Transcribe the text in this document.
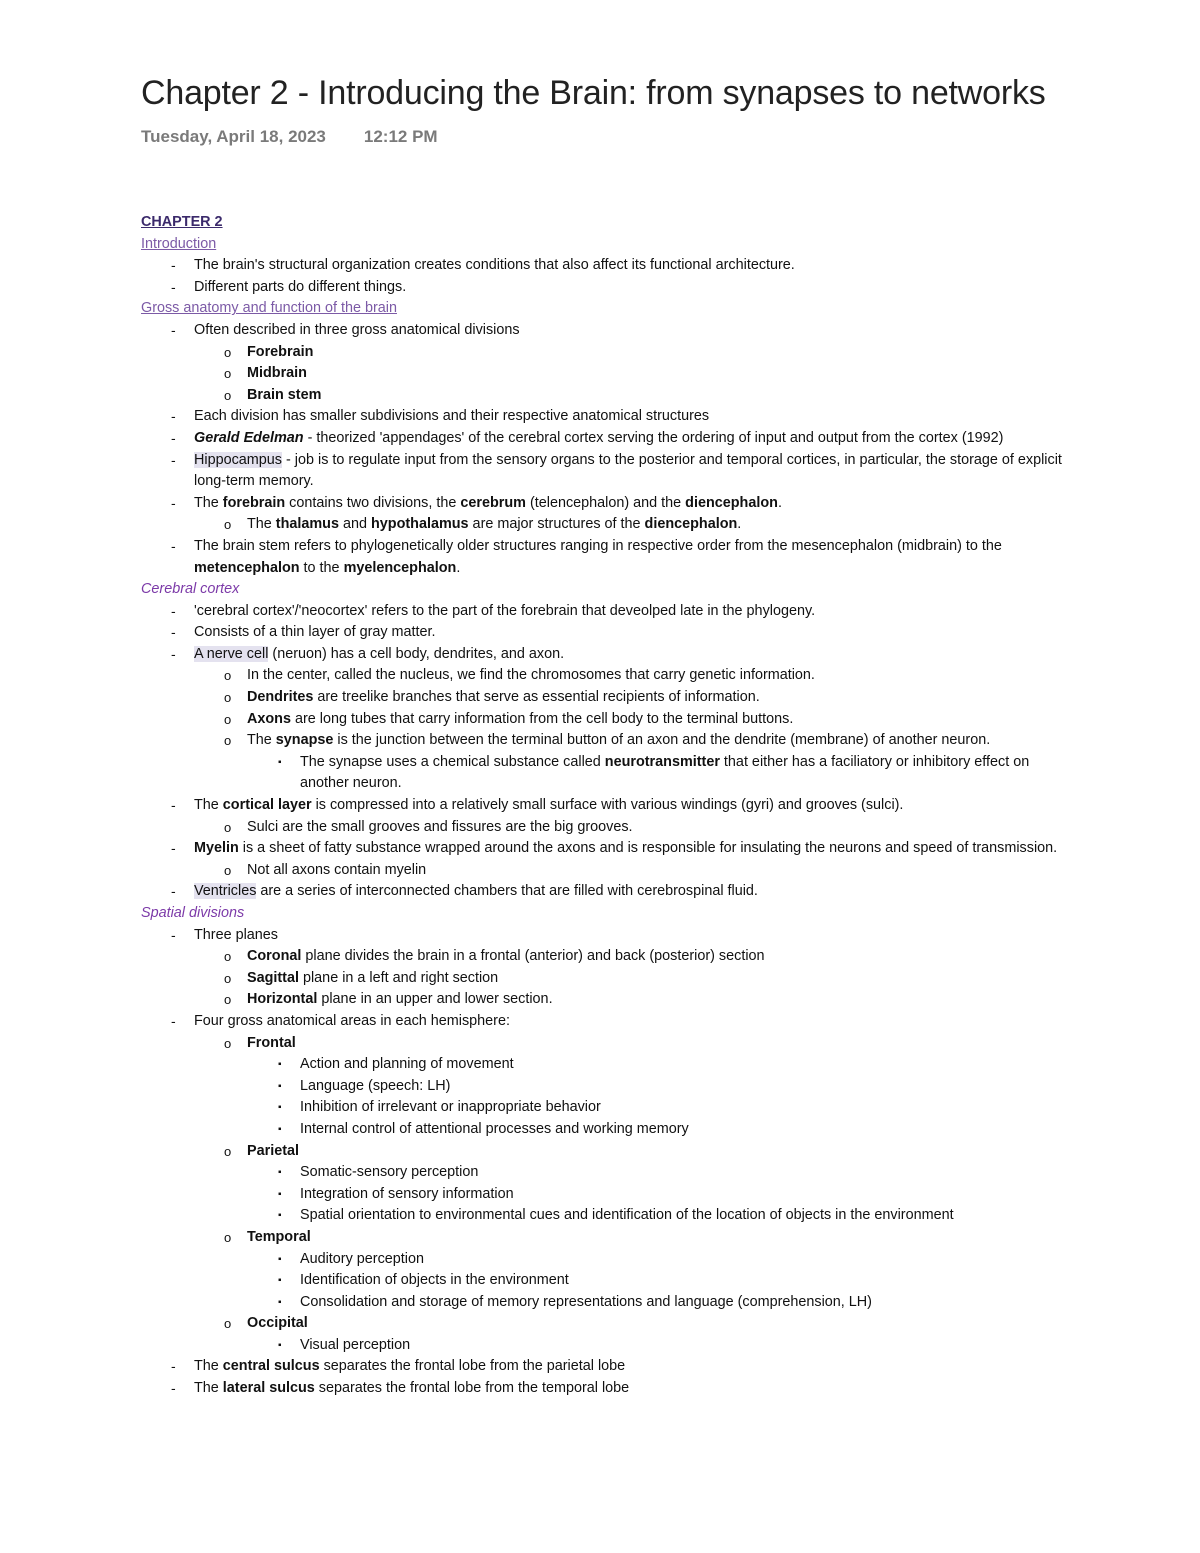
Chapter 2 - Introducing the Brain: from synapses to networks
Tuesday, April 18, 2023 12:12 PM

CHAPTER 2

Introduction

- The brain's structural organization creates conditions that also affect its functional architecture.
- Different parts do different things.

Gross anatomy and function of the brain

- Often described in three gross anatomical divisions
o Forebrain
o Midbrain
o Brain stem
- Each division has smaller subdivisions and their respective anatomical structures
- Gerald Edelman - theorized 'appendages' of the cerebral cortex serving the ordering of input and output from the cortex (1992)
- Hippocampus - job is to regulate input from the sensory organs to the posterior and temporal cortices, in particular, the storage of explicit long-term memory.
- The forebrain contains two divisions, the cerebrum (telencephalon) and the diencephalon.
o The thalamus and hypothalamus are major structures of the diencephalon.
- The brain stem refers to phylogenetically older structures ranging in respective order from the mesencephalon (midbrain) to the metencephalon to the myelencephalon.

Cerebral cortex

- 'cerebral cortex'/'neocortex' refers to the part of the forebrain that deveolped late in the phylogeny.
- Consists of a thin layer of gray matter.
- A nerve cell (neruon) has a cell body, dendrites, and axon.
o In the center, called the nucleus, we find the chromosomes that carry genetic information.
o Dendrites are treelike branches that serve as essential recipients of information.
o Axons are long tubes that carry information from the cell body to the terminal buttons.
o The synapse is the junction between the terminal button of an axon and the dendrite (membrane) of another neuron.
▪ The synapse uses a chemical substance called neurotransmitter that either has a faciliatory or inhibitory effect on another neuron.
- The cortical layer is compressed into a relatively small surface with various windings (gyri) and grooves (sulci).
o Sulci are the small grooves and fissures are the big grooves.
- Myelin is a sheet of fatty substance wrapped around the axons and is responsible for insulating the neurons and speed of transmission.
o Not all axons contain myelin
- Ventricles are a series of interconnected chambers that are filled with cerebrospinal fluid.

Spatial divisions

- Three planes
o Coronal plane divides the brain in a frontal (anterior) and back (posterior) section
o Sagittal plane in a left and right section
o Horizontal plane in an upper and lower section.
- Four gross anatomical areas in each hemisphere:
o Frontal
▪ Action and planning of movement
▪ Language (speech: LH)
▪ Inhibition of irrelevant or inappropriate behavior
▪ Internal control of attentional processes and working memory
o Parietal
▪ Somatic-sensory perception
▪ Integration of sensory information
▪ Spatial orientation to environmental cues and identification of the location of objects in the environment
o Temporal
▪ Auditory perception
▪ Identification of objects in the environment
▪ Consolidation and storage of memory representations and language (comprehension, LH)
o Occipital
▪ Visual perception
- The central sulcus separates the frontal lobe from the parietal lobe
- The lateral sulcus separates the frontal lobe from the temporal lobe
